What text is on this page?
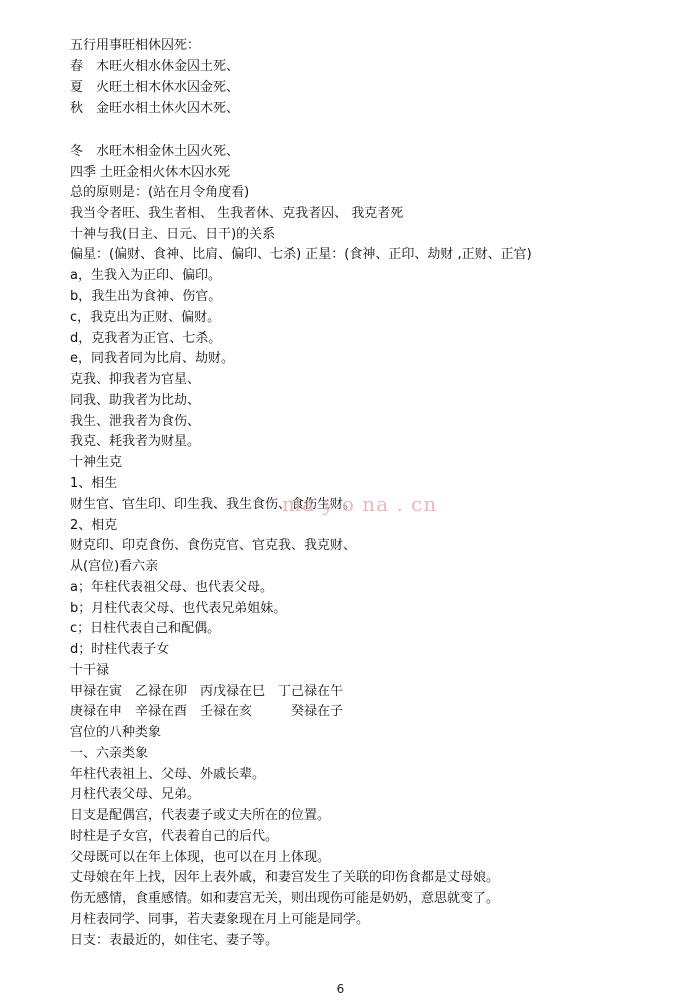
五行用事旺相休囚死：
春　木旺火相水休金囚土死、
夏　火旺土相木休水囚金死、
秋　金旺水相土休火囚木死、
冬　水旺木相金休土囚火死、
四季 土旺金相火休木囚水死
总的原则是：(站在月令角度看)
我当令者旺、我生者相、 生我者休、克我者囚、 我克者死
十神与我(日主、日元、日干)的关系
偏星：(偏财、食神、比肩、偏印、七杀) 正星：(食神、正印、劫财 ,正财、正官)
a，生我入为正印、偏印。
b，我生出为食神、伤官。
c，我克出为正财、偏财。
d，克我者为正官、七杀。
e，同我者同为比肩、劫财。
克我、抑我者为官星、
同我、助我者为比劫、
我生、泄我者为食伤、
我克、耗我者为财星。
十神生克
1、相生
财生官、官生印、印生我、我生食伤、食伤生财。
2、相克
财克印、印克食伤、食伤克官、官克我、我克财、
从(宫位)看六亲
a；年柱代表祖父母、也代表父母。
b；月柱代表父母、也代表兄弟姐妹。
c；日柱代表自己和配偶。
d；时柱代表子女
十干禄
甲禄在寅　乙禄在卯　丙戊禄在巳　丁己禄在午
庚禄在申　辛禄在酉　壬禄在亥　　　癸禄在子
宫位的八种类象
一、六亲类象
年柱代表祖上、父母、外戚长辈。
月柱代表父母、兄弟。
日支是配偶宫，代表妻子或丈夫所在的位置。
时柱是子女宫，代表着自己的后代。
父母既可以在年上体现，也可以在月上体现。
丈母娘在年上找，因年上表外戚，和妻宫发生了关联的印伤食都是丈母娘。
伤无感情，食重感情。如和妻宫无关，则出现伤可能是奶奶，意思就变了。
月柱表同学、同事，若夫妻象现在月上可能是同学。
日支：表最近的，如住宅、妻子等。
ma y o na . cn
6
